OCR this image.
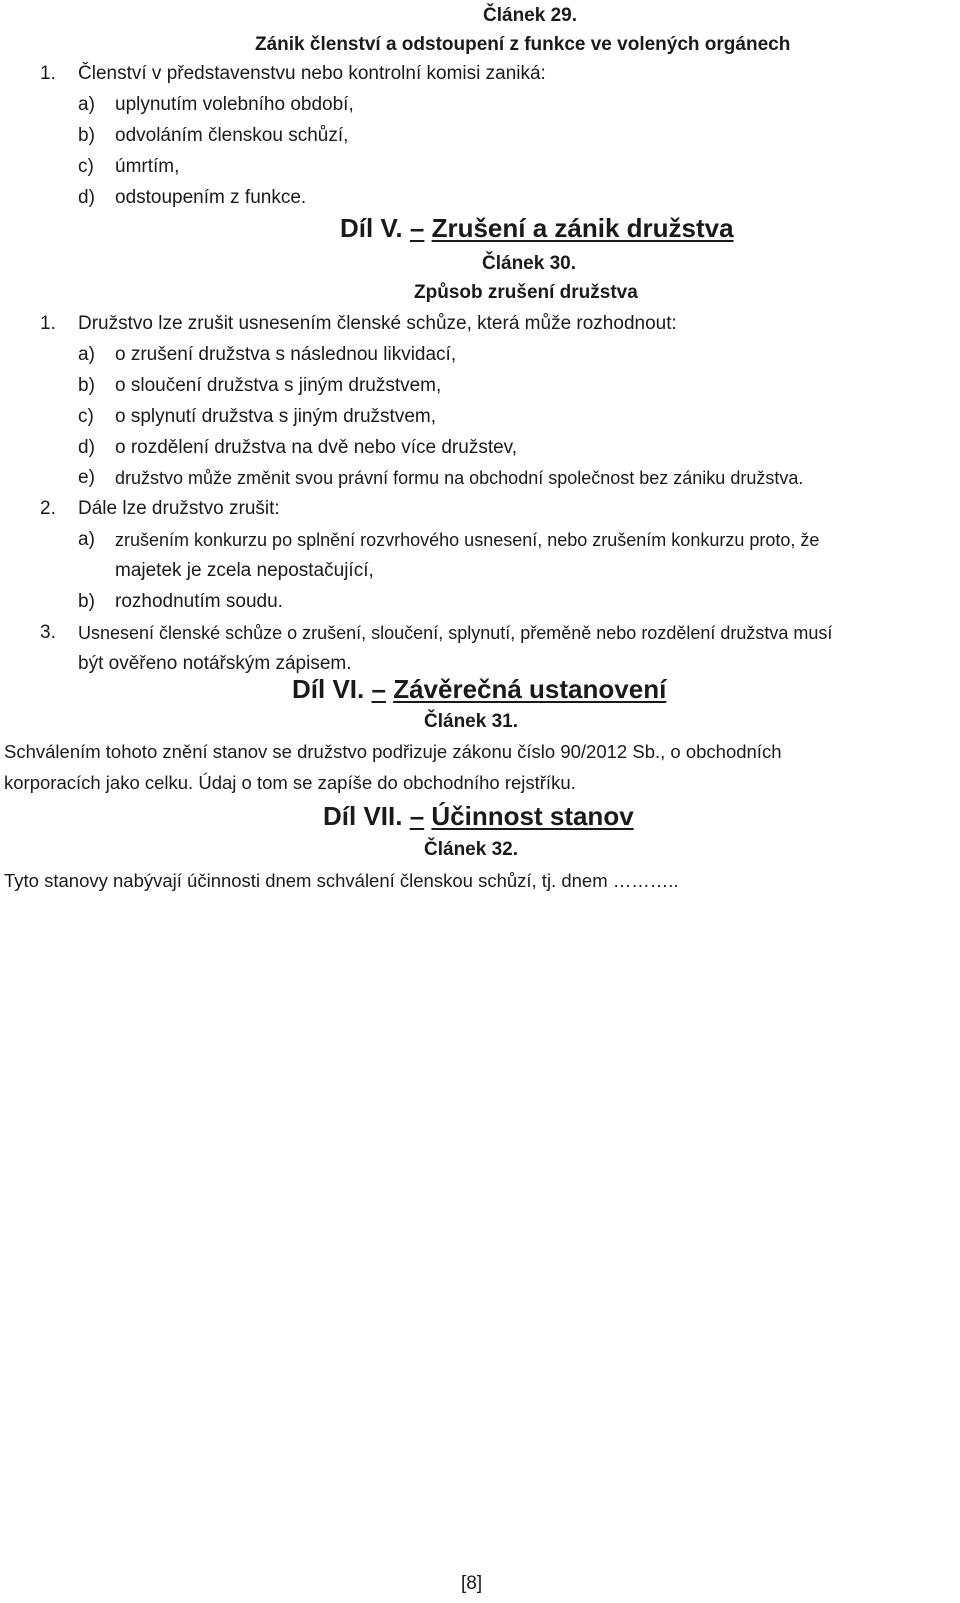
Článek 29.
Zánik členství a odstoupení z funkce ve volených orgánech
1. Členství v představenstvu nebo kontrolní komisi zaniká:
a) uplynutím volebního období,
b) odvoláním členskou schůzí,
c) úmrtím,
d) odstoupením z funkce.
Díl V. – Zrušení a zánik družstva
Článek 30.
Způsob zrušení družstva
1. Družstvo lze zrušit usnesením členské schůze, která může rozhodnout:
a) o zrušení družstva s následnou likvidací,
b) o sloučení družstva s jiným družstvem,
c) o splynutí družstva s jiným družstvem,
d) o rozdělení družstva na dvě nebo více družstev,
e) družstvo může změnit svou právní formu na obchodní společnost bez zániku družstva.
2. Dále lze družstvo zrušit:
a) zrušením konkurzu po splnění rozvrhového usnesení, nebo zrušením konkurzu proto, že
majetek je zcela nepostačující,
b) rozhodnutím soudu.
3. Usnesení členské schůze o zrušení, sloučení, splynutí, přeměně nebo rozdělení družstva musí
být ověřeno notářským zápisem.
Díl VI. – Závěrečná ustanovení
Článek 31.
Schválením tohoto znění stanov se družstvo podřizuje zákonu číslo 90/2012 Sb., o obchodních
korporacích jako celku. Údaj o tom se zapíše do obchodního rejstříku.
Díl VII. – Účinnost stanov
Článek 32.
Tyto stanovy nabývají účinnosti dnem schválení členskou schůzí, tj. dnem ………..
[8]
